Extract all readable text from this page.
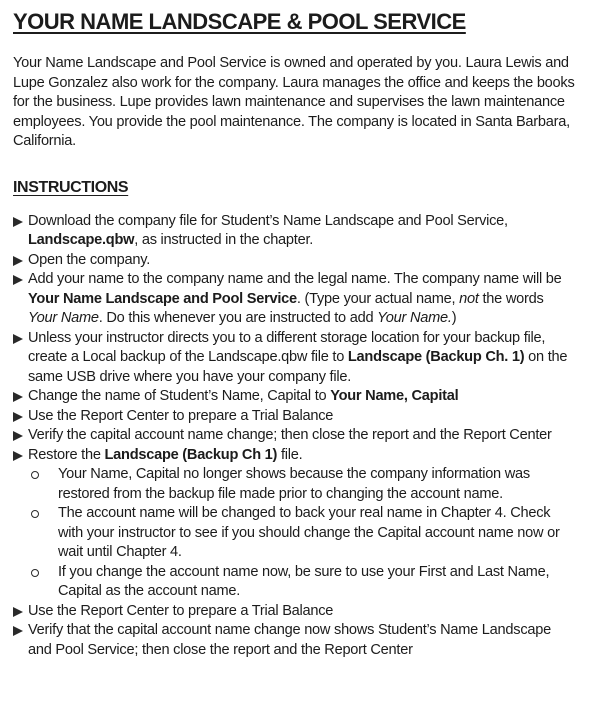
YOUR NAME LANDSCAPE & POOL SERVICE

Your Name Landscape and Pool Service is owned and operated by you. Laura Lewis and Lupe Gonzalez also work for the company. Laura manages the office and keeps the books for the business. Lupe provides lawn maintenance and supervises the lawn maintenance employees. You provide the pool maintenance. The company is located in Santa Barbara, California.

INSTRUCTIONS
Download the company file for Student’s Name Landscape and Pool Service, Landscape.qbw, as instructed in the chapter.
Open the company.
Add your name to the company name and the legal name. The company name will be Your Name Landscape and Pool Service. (Type your actual name, not the words Your Name. Do this whenever you are instructed to add Your Name.)
Unless your instructor directs you to a different storage location for your backup file, create a Local backup of the Landscape.qbw file to Landscape (Backup Ch. 1) on the same USB drive where you have your company file.
Change the name of Student’s Name, Capital to Your Name, Capital
Use the Report Center to prepare a Trial Balance
Verify the capital account name change; then close the report and the Report Center
Restore the Landscape (Backup Ch 1) file.
Your Name, Capital no longer shows because the company information was restored from the backup file made prior to changing the account name.
The account name will be changed to back your real name in Chapter 4. Check with your instructor to see if you should change the Capital account name now or wait until Chapter 4.
If you change the account name now, be sure to use your First and Last Name, Capital as the account name.
Use the Report Center to prepare a Trial Balance
Verify that the capital account name change now shows Student’s Name Landscape and Pool Service; then close the report and the Report Center
